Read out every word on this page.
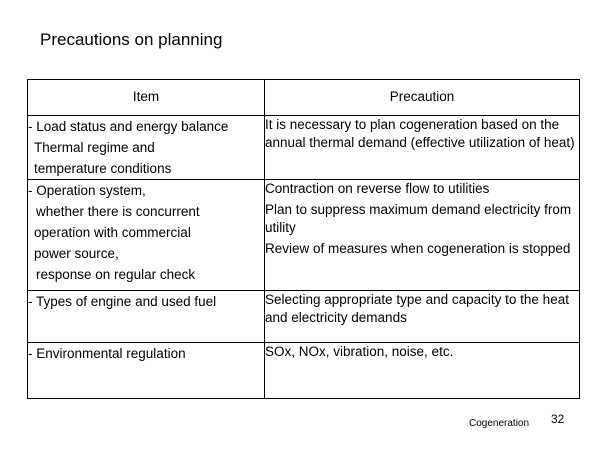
Precautions on planning
Item	Precaution

- Load status and energy balance
Thermal regime and
temperature conditions	It is necessary to plan cogeneration based on the annual thermal demand (effective utilization of heat)

- Operation system,
whether there is concurrent
operation with commercial
power source,
response on regular check	Contraction on reverse flow to utilities
Plan to suppress maximum demand electricity from utility
Review of measures when cogeneration is stopped

- Types of engine and used fuel	Selecting appropriate type and capacity to the heat and electricity demands

- Environmental regulation	SOx, NOx, vibration, noise, etc.
Cogeneration 32
